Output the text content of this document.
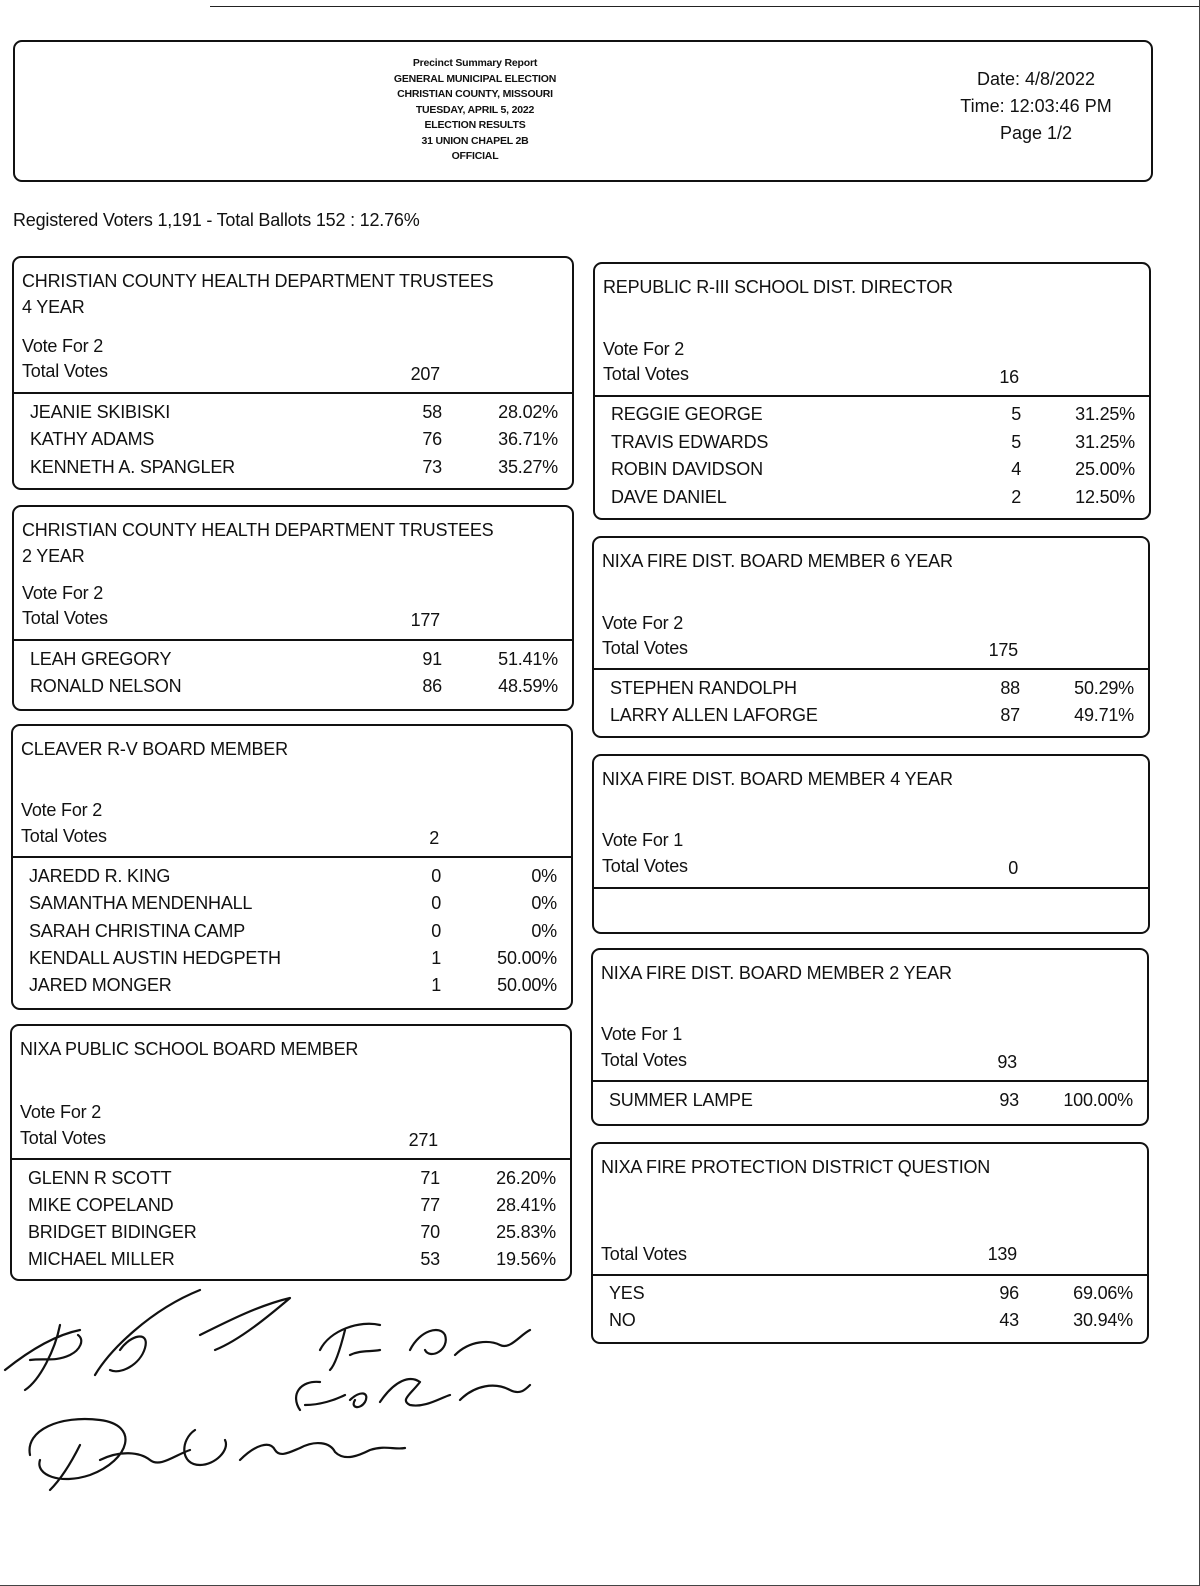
Precinct Summary Report
GENERAL MUNICIPAL ELECTION
CHRISTIAN COUNTY, MISSOURI
TUESDAY, APRIL 5, 2022
ELECTION RESULTS
31 UNION CHAPEL 2B
OFFICIAL
Date: 4/8/2022
Time: 12:03:46 PM
Page 1/2
Registered Voters 1,191 - Total Ballots 152 : 12.76%
CHRISTIAN COUNTY HEALTH DEPARTMENT TRUSTEES
4 YEAR
Vote For 2
Total Votes	207
JEANIE SKIBISKI	58	28.02%
KATHY ADAMS	76	36.71%
KENNETH A. SPANGLER	73	35.27%
CHRISTIAN COUNTY HEALTH DEPARTMENT TRUSTEES
2 YEAR
Vote For 2
Total Votes	177
LEAH GREGORY	91	51.41%
RONALD NELSON	86	48.59%
CLEAVER R-V BOARD MEMBER
Vote For 2
Total Votes	2
JAREDD R. KING	0	0%
SAMANTHA MENDENHALL	0	0%
SARAH CHRISTINA CAMP	0	0%
KENDALL AUSTIN HEDGPETH	1	50.00%
JARED MONGER	1	50.00%
NIXA PUBLIC SCHOOL BOARD MEMBER
Vote For 2
Total Votes	271
GLENN R SCOTT	71	26.20%
MIKE COPELAND	77	28.41%
BRIDGET BIDINGER	70	25.83%
MICHAEL MILLER	53	19.56%
REPUBLIC R-III SCHOOL DIST. DIRECTOR
Vote For 2
Total Votes	16
REGGIE GEORGE	5	31.25%
TRAVIS EDWARDS	5	31.25%
ROBIN DAVIDSON	4	25.00%
DAVE DANIEL	2	12.50%
NIXA FIRE DIST. BOARD MEMBER 6 YEAR
Vote For 2
Total Votes	175
STEPHEN RANDOLPH	88	50.29%
LARRY ALLEN LAFORGE	87	49.71%
NIXA FIRE DIST. BOARD MEMBER 4 YEAR
Vote For 1
Total Votes	0
NIXA FIRE DIST. BOARD MEMBER 2 YEAR
Vote For 1
Total Votes	93
SUMMER LAMPE	93	100.00%
NIXA FIRE PROTECTION DISTRICT QUESTION
Total Votes	139
YES	96	69.06%
NO	43	30.94%
